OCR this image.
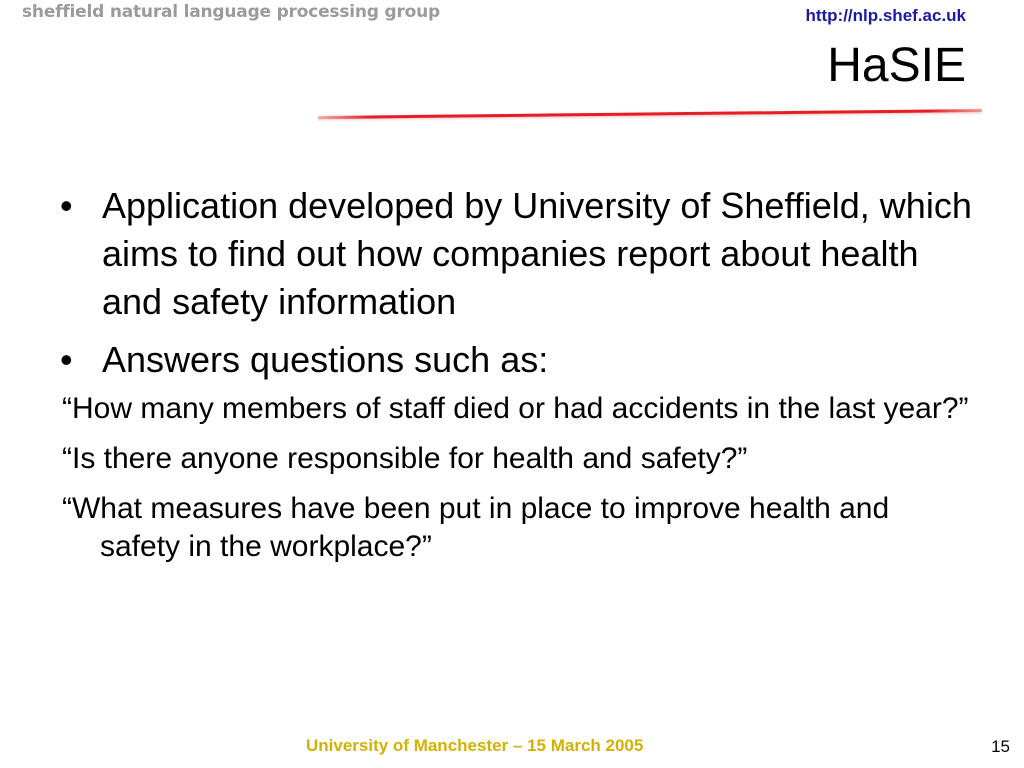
sheffield natural language processing group	http://nlp.shef.ac.uk
HaSIE
• Application developed by University of Sheffield, which aims to find out how companies report about health and safety information
• Answers questions such as:
“How many members of staff died or had accidents in the last year?”
“Is there anyone responsible for health and safety?”
“What measures have been put in place to improve health and safety in the workplace?”
University of Manchester – 15 March 2005	15
